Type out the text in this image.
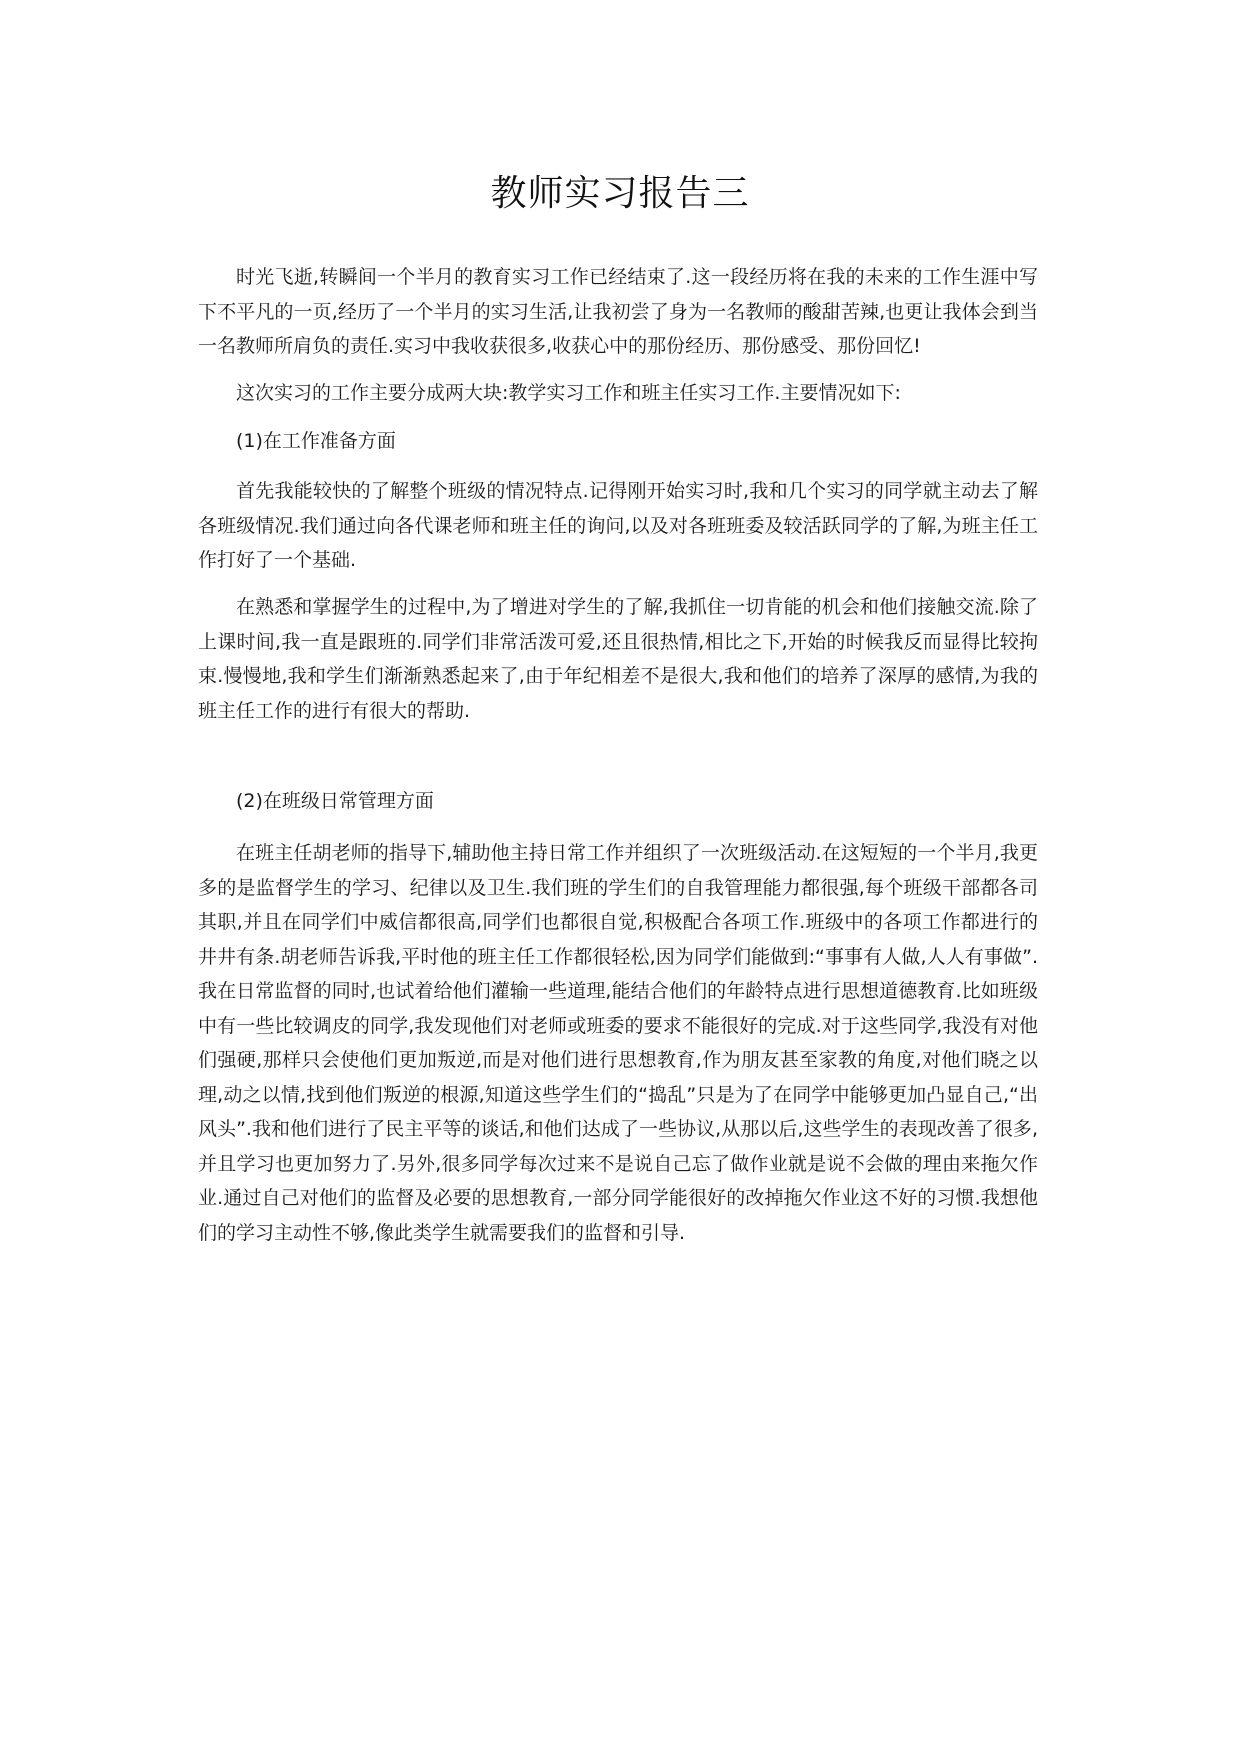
教师实习报告三

时光飞逝,转瞬间一个半月的教育实习工作已经结束了.这一段经历将在我的未来的工作生涯中写下不平凡的一页,经历了一个半月的实习生活,让我初尝了身为一名教师的酸甜苦辣,也更让我体会到当一名教师所肩负的责任.实习中我收获很多,收获心中的那份经历、那份感受、那份回忆!

这次实习的工作主要分成两大块:教学实习工作和班主任实习工作.主要情况如下:

(1)在工作准备方面

首先我能较快的了解整个班级的情况特点.记得刚开始实习时,我和几个实习的同学就主动去了解各班级情况.我们通过向各代课老师和班主任的询问,以及对各班班委及较活跃同学的了解,为班主任工作打好了一个基础.

在熟悉和掌握学生的过程中,为了增进对学生的了解,我抓住一切肯能的机会和他们接触交流.除了上课时间,我一直是跟班的.同学们非常活泼可爱,还且很热情,相比之下,开始的时候我反而显得比较拘束.慢慢地,我和学生们渐渐熟悉起来了,由于年纪相差不是很大,我和他们的培养了深厚的感情,为我的班主任工作的进行有很大的帮助.

(2)在班级日常管理方面

在班主任胡老师的指导下,辅助他主持日常工作并组织了一次班级活动.在这短短的一个半月,我更多的是监督学生的学习、纪律以及卫生.我们班的学生们的自我管理能力都很强,每个班级干部都各司其职,并且在同学们中威信都很高,同学们也都很自觉,积极配合各项工作.班级中的各项工作都进行的井井有条.胡老师告诉我,平时他的班主任工作都很轻松,因为同学们能做到:“事事有人做,人人有事做”.我在日常监督的同时,也试着给他们灌输一些道理,能结合他们的年龄特点进行思想道德教育.比如班级中有一些比较调皮的同学,我发现他们对老师或班委的要求不能很好的完成.对于这些同学,我没有对他们强硬,那样只会使他们更加叛逆,而是对他们进行思想教育,作为朋友甚至家教的角度,对他们晓之以理,动之以情,找到他们叛逆的根源,知道这些学生们的“捣乱”只是为了在同学中能够更加凸显自己,“出风头”.我和他们进行了民主平等的谈话,和他们达成了一些协议,从那以后,这些学生的表现改善了很多,并且学习也更加努力了.另外,很多同学每次过来不是说自己忘了做作业就是说不会做的理由来拖欠作业.通过自己对他们的监督及必要的思想教育,一部分同学能很好的改掉拖欠作业这不好的习惯.我想他们的学习主动性不够,像此类学生就需要我们的监督和引导.
